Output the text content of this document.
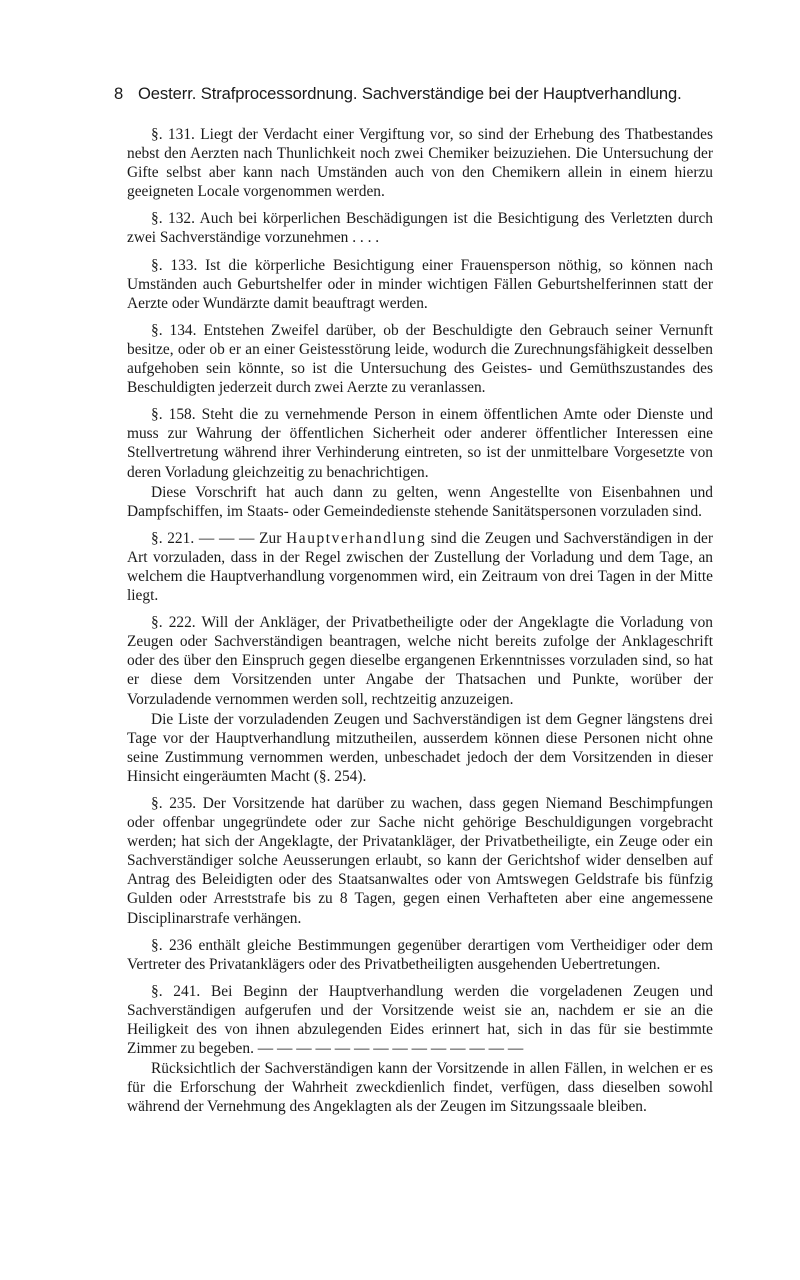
8 Oesterr. Strafprocessordnung. Sachverständige bei der Hauptverhandlung.

§. 131. Liegt der Verdacht einer Vergiftung vor, so sind der Erhebung des Thatbestandes nebst den Aerzten nach Thunlichkeit noch zwei Chemiker beizuziehen. Die Untersuchung der Gifte selbst aber kann nach Umständen auch von den Chemikern allein in einem hierzu geeigneten Locale vorgenommen werden.

§. 132. Auch bei körperlichen Beschädigungen ist die Besichtigung des Verletzten durch zwei Sachverständige vorzunehmen . . . .

§. 133. Ist die körperliche Besichtigung einer Frauensperson nöthig, so können nach Umständen auch Geburtshelfer oder in minder wichtigen Fällen Geburtshelferinnen statt der Aerzte oder Wundärzte damit beauftragt werden.

§. 134. Entstehen Zweifel darüber, ob der Beschuldigte den Gebrauch seiner Vernunft besitze, oder ob er an einer Geistesstörung leide, wodurch die Zurechnungsfähigkeit desselben aufgehoben sein könnte, so ist die Untersuchung des Geistes- und Gemüthszustandes des Beschuldigten jederzeit durch zwei Aerzte zu veranlassen.

§. 158. Steht die zu vernehmende Person in einem öffentlichen Amte oder Dienste und muss zur Wahrung der öffentlichen Sicherheit oder anderer öffentlicher Interessen eine Stellvertretung während ihrer Verhinderung eintreten, so ist der unmittelbare Vorgesetzte von deren Vorladung gleichzeitig zu benachrichtigen.

Diese Vorschrift hat auch dann zu gelten, wenn Angestellte von Eisenbahnen und Dampfschiffen, im Staats- oder Gemeindedienste stehende Sanitätspersonen vorzuladen sind.

§. 221. — — — Zur Hauptverhandlung sind die Zeugen und Sachverständigen in der Art vorzuladen, dass in der Regel zwischen der Zustellung der Vorladung und dem Tage, an welchem die Hauptverhandlung vorgenommen wird, ein Zeitraum von drei Tagen in der Mitte liegt.

§. 222. Will der Ankläger, der Privatbetheiligte oder der Angeklagte die Vorladung von Zeugen oder Sachverständigen beantragen, welche nicht bereits zufolge der Anklageschrift oder des über den Einspruch gegen dieselbe ergangenen Erkenntnisses vorzuladen sind, so hat er diese dem Vorsitzenden unter Angabe der Thatsachen und Punkte, worüber der Vorzuladende vernommen werden soll, rechtzeitig anzuzeigen.

Die Liste der vorzuladenden Zeugen und Sachverständigen ist dem Gegner längstens drei Tage vor der Hauptverhandlung mitzutheilen, ausserdem können diese Personen nicht ohne seine Zustimmung vernommen werden, unbeschadet jedoch der dem Vorsitzenden in dieser Hinsicht eingeräumten Macht (§. 254).

§. 235. Der Vorsitzende hat darüber zu wachen, dass gegen Niemand Beschimpfungen oder offenbar ungegründete oder zur Sache nicht gehörige Beschuldigungen vorgebracht werden; hat sich der Angeklagte, der Privatankläger, der Privatbetheiligte, ein Zeuge oder ein Sachverständiger solche Aeusserungen erlaubt, so kann der Gerichtshof wider denselben auf Antrag des Beleidigten oder des Staatsanwaltes oder von Amtswegen Geldstrafe bis fünfzig Gulden oder Arreststrafe bis zu 8 Tagen, gegen einen Verhafteten aber eine angemessene Disciplinarstrafe verhängen.

§. 236 enthält gleiche Bestimmungen gegenüber derartigen vom Vertheidiger oder dem Vertreter des Privatanklägers oder des Privatbetheiligten ausgehenden Uebertretungen.

§. 241. Bei Beginn der Hauptverhandlung werden die vorgeladenen Zeugen und Sachverständigen aufgerufen und der Vorsitzende weist sie an, nachdem er sie an die Heiligkeit des von ihnen abzulegenden Eides erinnert hat, sich in das für sie bestimmte Zimmer zu begeben. — — — — — — — — — — — — — —

Rücksichtlich der Sachverständigen kann der Vorsitzende in allen Fällen, in welchen er es für die Erforschung der Wahrheit zweckdienlich findet, verfügen, dass dieselben sowohl während der Vernehmung des Angeklagten als der Zeugen im Sitzungssaale bleiben.
